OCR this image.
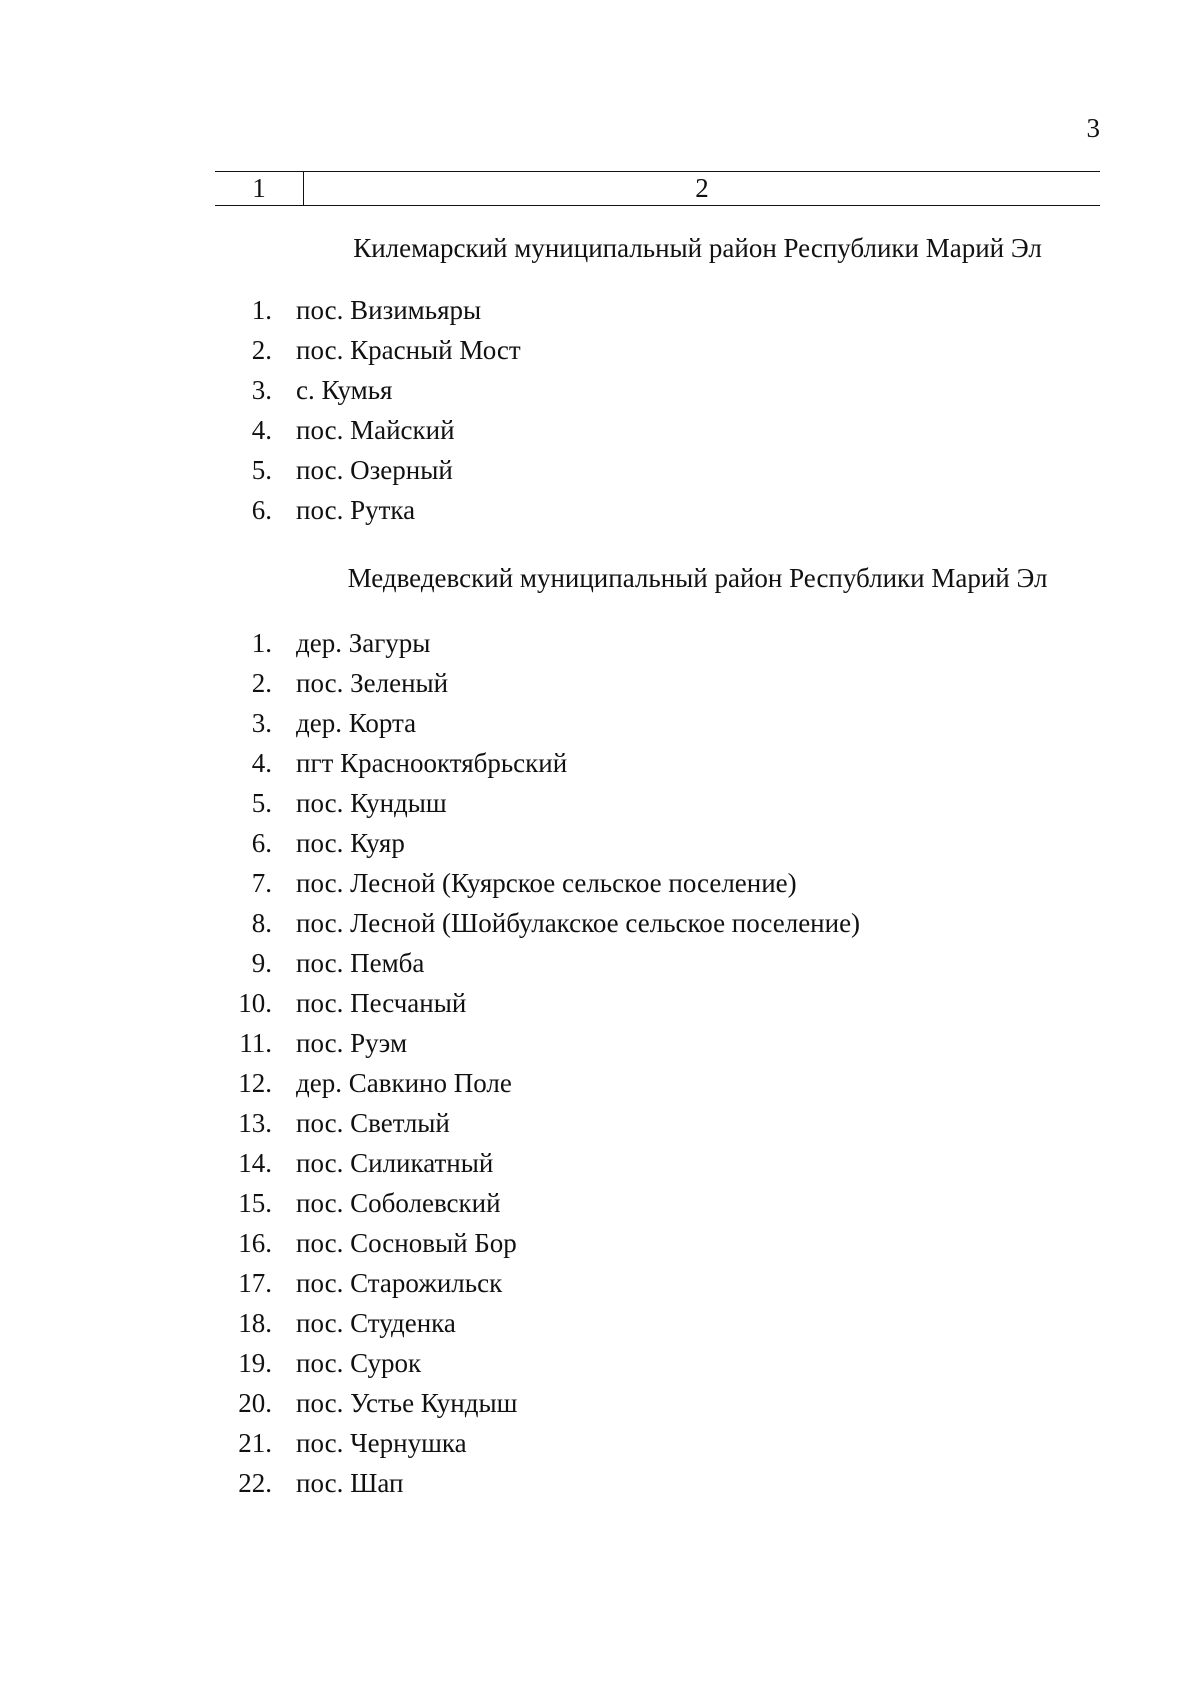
3
1	2
Килемарский муниципальный район Республики Марий Эл
1. пос. Визимьяры
2. пос. Красный Мост
3. с. Кумья
4. пос. Майский
5. пос. Озерный
6. пос. Рутка
Медведевский муниципальный район Республики Марий Эл
1. дер. Загуры
2. пос. Зеленый
3. дер. Корта
4. пгт Краснооктябрьский
5. пос. Кундыш
6. пос. Куяр
7. пос. Лесной (Куярское сельское поселение)
8. пос. Лесной (Шойбулакское сельское поселение)
9. пос. Пемба
10. пос. Песчаный
11. пос. Руэм
12. дер. Савкино Поле
13. пос. Светлый
14. пос. Силикатный
15. пос. Соболевский
16. пос. Сосновый Бор
17. пос. Старожильск
18. пос. Студенка
19. пос. Сурок
20. пос. Устье Кундыш
21. пос. Чернушка
22. пос. Шап
